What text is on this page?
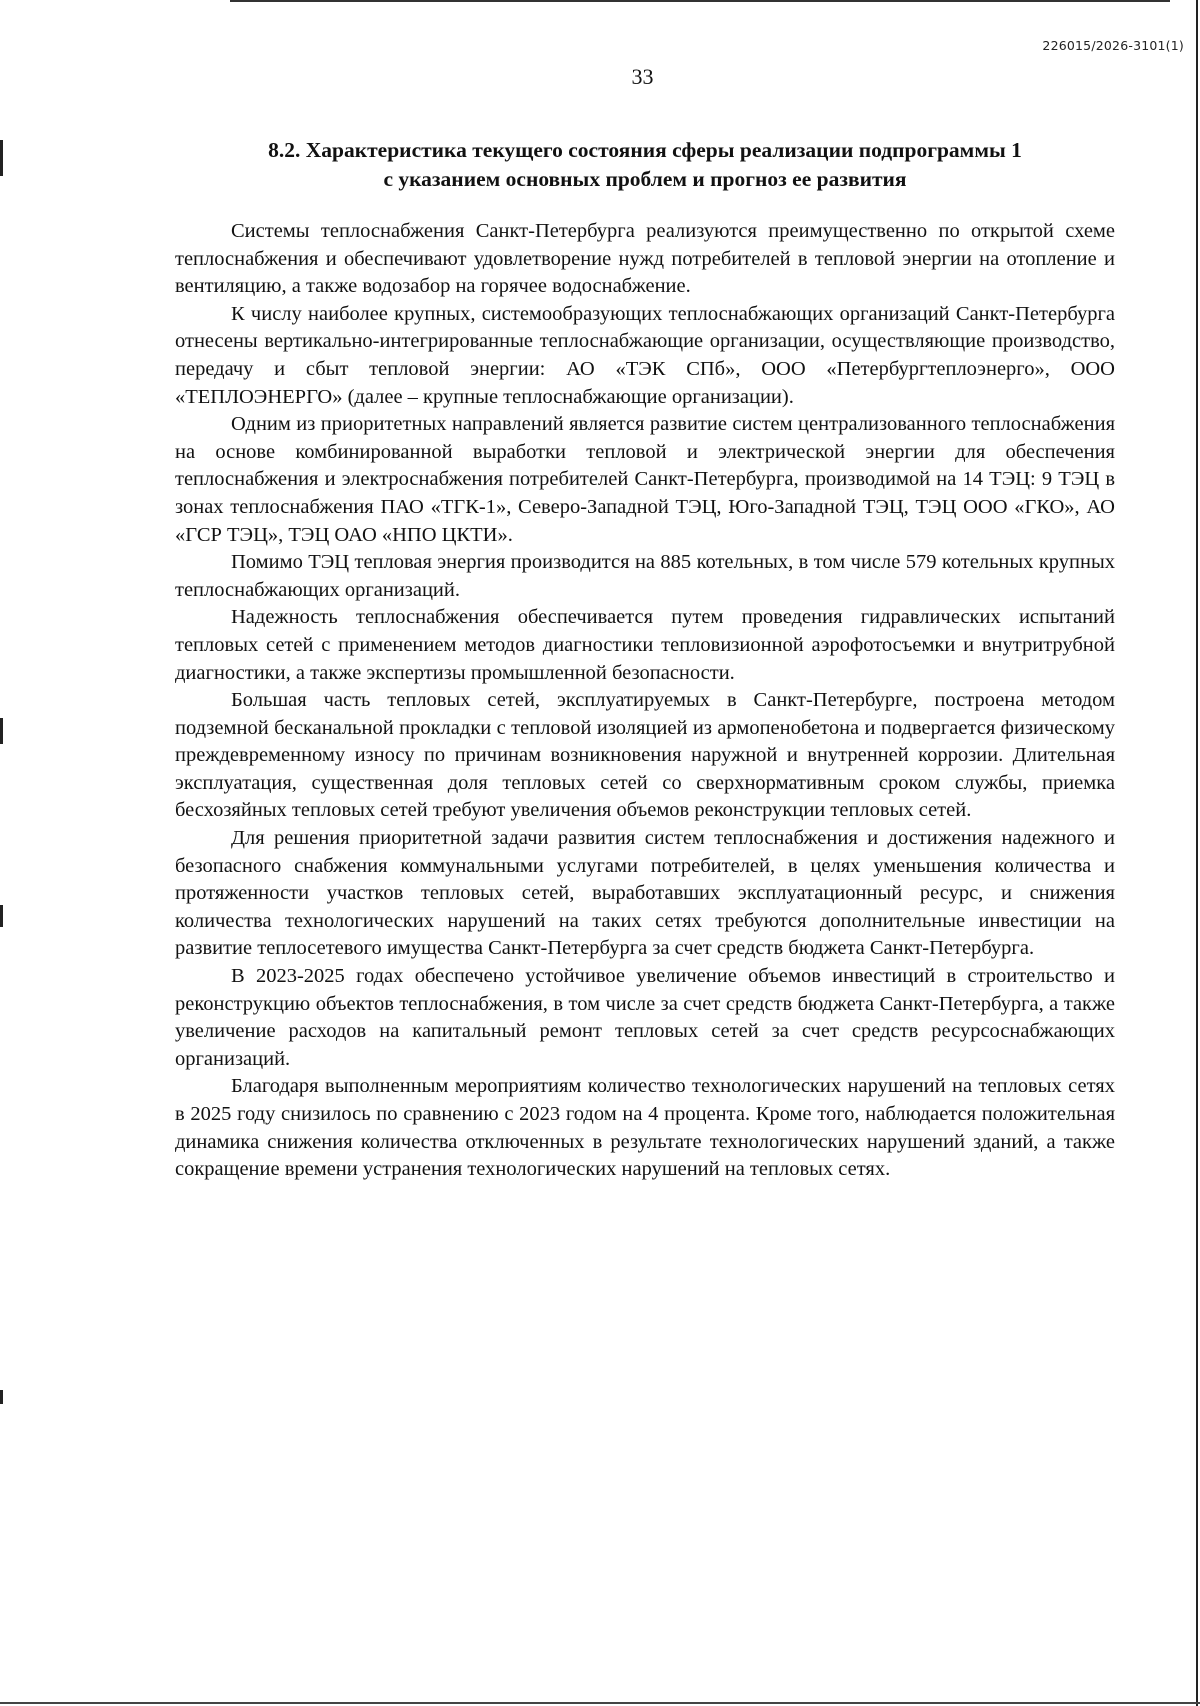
226015/2026-3101(1)
33
8.2. Характеристика текущего состояния сферы реализации подпрограммы 1
с указанием основных проблем и прогноз ее развития

Системы теплоснабжения Санкт-Петербурга реализуются преимущественно по открытой схеме теплоснабжения и обеспечивают удовлетворение нужд потребителей в тепловой энергии на отопление и вентиляцию, а также водозабор на горячее водоснабжение.

К числу наиболее крупных, системообразующих теплоснабжающих организаций Санкт-Петербурга отнесены вертикально-интегрированные теплоснабжающие организации, осуществляющие производство, передачу и сбыт тепловой энергии: АО «ТЭК СПб», ООО «Петербургтеплоэнерго», ООО «ТЕПЛОЭНЕРГО» (далее – крупные теплоснабжающие организации).

Одним из приоритетных направлений является развитие систем централизованного теплоснабжения на основе комбинированной выработки тепловой и электрической энергии для обеспечения теплоснабжения и электроснабжения потребителей Санкт-Петербурга, производимой на 14 ТЭЦ: 9 ТЭЦ в зонах теплоснабжения ПАО «ТГК-1», Северо-Западной ТЭЦ, Юго-Западной ТЭЦ, ТЭЦ ООО «ГКО», АО «ГСР ТЭЦ», ТЭЦ ОАО «НПО ЦКТИ».

Помимо ТЭЦ тепловая энергия производится на 885 котельных, в том числе 579 котельных крупных теплоснабжающих организаций.

Надежность теплоснабжения обеспечивается путем проведения гидравлических испытаний тепловых сетей с применением методов диагностики тепловизионной аэрофотосъемки и внутритрубной диагностики, а также экспертизы промышленной безопасности.

Большая часть тепловых сетей, эксплуатируемых в Санкт-Петербурге, построена методом подземной бесканальной прокладки с тепловой изоляцией из армопенобетона и подвергается физическому преждевременному износу по причинам возникновения наружной и внутренней коррозии. Длительная эксплуатация, существенная доля тепловых сетей со сверхнормативным сроком службы, приемка бесхозяйных тепловых сетей требуют увеличения объемов реконструкции тепловых сетей.

Для решения приоритетной задачи развития систем теплоснабжения и достижения надежного и безопасного снабжения коммунальными услугами потребителей, в целях уменьшения количества и протяженности участков тепловых сетей, выработавших эксплуатационный ресурс, и снижения количества технологических нарушений на таких сетях требуются дополнительные инвестиции на развитие теплосетевого имущества Санкт-Петербурга за счет средств бюджета Санкт-Петербурга.

В 2023-2025 годах обеспечено устойчивое увеличение объемов инвестиций в строительство и реконструкцию объектов теплоснабжения, в том числе за счет средств бюджета Санкт-Петербурга, а также увеличение расходов на капитальный ремонт тепловых сетей за счет средств ресурсоснабжающих организаций.

Благодаря выполненным мероприятиям количество технологических нарушений на тепловых сетях в 2025 году снизилось по сравнению с 2023 годом на 4 процента. Кроме того, наблюдается положительная динамика снижения количества отключенных в результате технологических нарушений зданий, а также сокращение времени устранения технологических нарушений на тепловых сетях.
